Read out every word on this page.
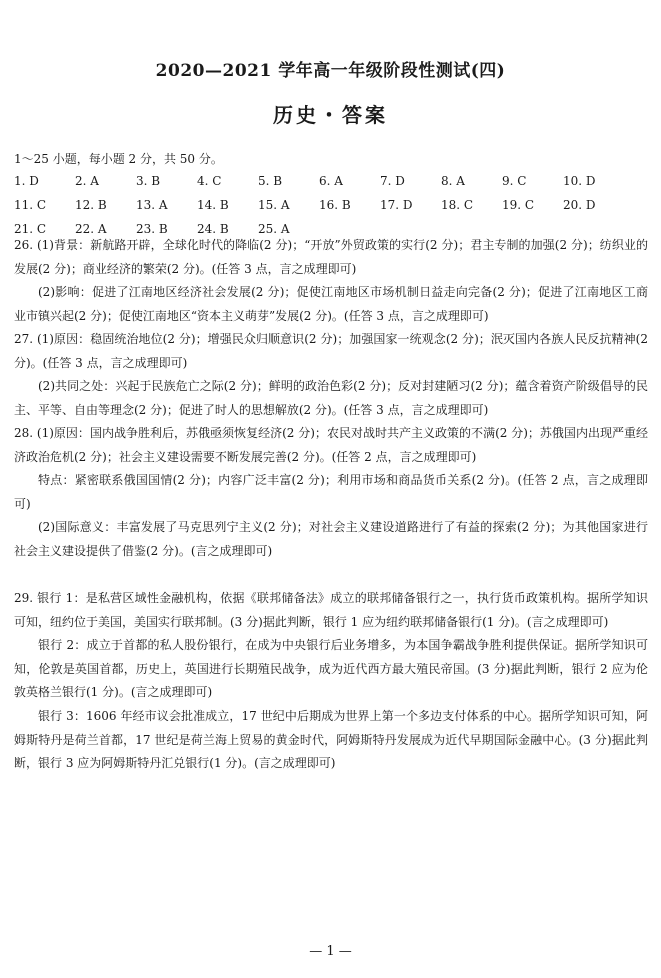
2020—2021 学年高一年级阶段性测试(四)
历史・答案
1～25 小题，每小题 2 分，共 50 分。
1. D	2. A	3. B	4. C	5. B	6. A	7. D	8. A	9. C	10. D
11. C 12. B 13. A 14. B 15. A 16. B 17. D 18. C 19. C 20. D
21. C 22. A 23. B 24. B 25. A

26. (1)背景：新航路开辟，全球化时代的降临(2 分)；“开放”外贸政策的实行(2 分)；君主专制的加强(2 分)；纺织业的发展(2 分)；商业经济的繁荣(2 分)。(任答 3 点，言之成理即可)

(2)影响：促进了江南地区经济社会发展(2 分)；促使江南地区市场机制日益走向完备(2 分)；促进了江南地区工商业市镇兴起(2 分)；促使江南地区“资本主义萌芽”发展(2 分)。(任答 3 点，言之成理即可)

27. (1)原因：稳固统治地位(2 分)；增强民众归顺意识(2 分)；加强国家一统观念(2 分)；泯灭国内各族人民反抗精神(2 分)。(任答 3 点，言之成理即可)

(2)共同之处：兴起于民族危亡之际(2 分)；鲜明的政治色彩(2 分)；反对封建陋习(2 分)；蕴含着资产阶级倡导的民主、平等、自由等理念(2 分)；促进了时人的思想解放(2 分)。(任答 3 点，言之成理即可)

28. (1)原因：国内战争胜利后，苏俄亟须恢复经济(2 分)；农民对战时共产主义政策的不满(2 分)；苏俄国内出现严重经济政治危机(2 分)；社会主义建设需要不断发展完善(2 分)。(任答 2 点，言之成理即可)

特点：紧密联系俄国国情(2 分)；内容广泛丰富(2 分)；利用市场和商品货币关系(2 分)。(任答 2 点，言之成理即可)

(2)国际意义：丰富发展了马克思列宁主义(2 分)；对社会主义建设道路进行了有益的探索(2 分)；为其他国家进行社会主义建设提供了借鉴(2 分)。(言之成理即可)

29. 银行 1：是私营区域性金融机构，依据《联邦储备法》成立的联邦储备银行之一，执行货币政策机构。据所学知识可知，纽约位于美国，美国实行联邦制。(3 分)据此判断，银行 1 应为纽约联邦储备银行(1 分)。(言之成理即可)

银行 2：成立于首都的私人股份银行，在成为中央银行后业务增多，为本国争霸战争胜利提供保证。据所学知识可知，伦敦是英国首都，历史上，英国进行长期殖民战争，成为近代西方最大殖民帝国。(3 分)据此判断，银行 2 应为伦敦英格兰银行(1 分)。(言之成理即可)

银行 3：1606 年经市议会批准成立，17 世纪中后期成为世界上第一个多边支付体系的中心。据所学知识可知，阿姆斯特丹是荷兰首都，17 世纪是荷兰海上贸易的黄金时代，阿姆斯特丹发展成为近代早期国际金融中心。(3 分)据此判断，银行 3 应为阿姆斯特丹汇兑银行(1 分)。(言之成理即可)

— 1 —
